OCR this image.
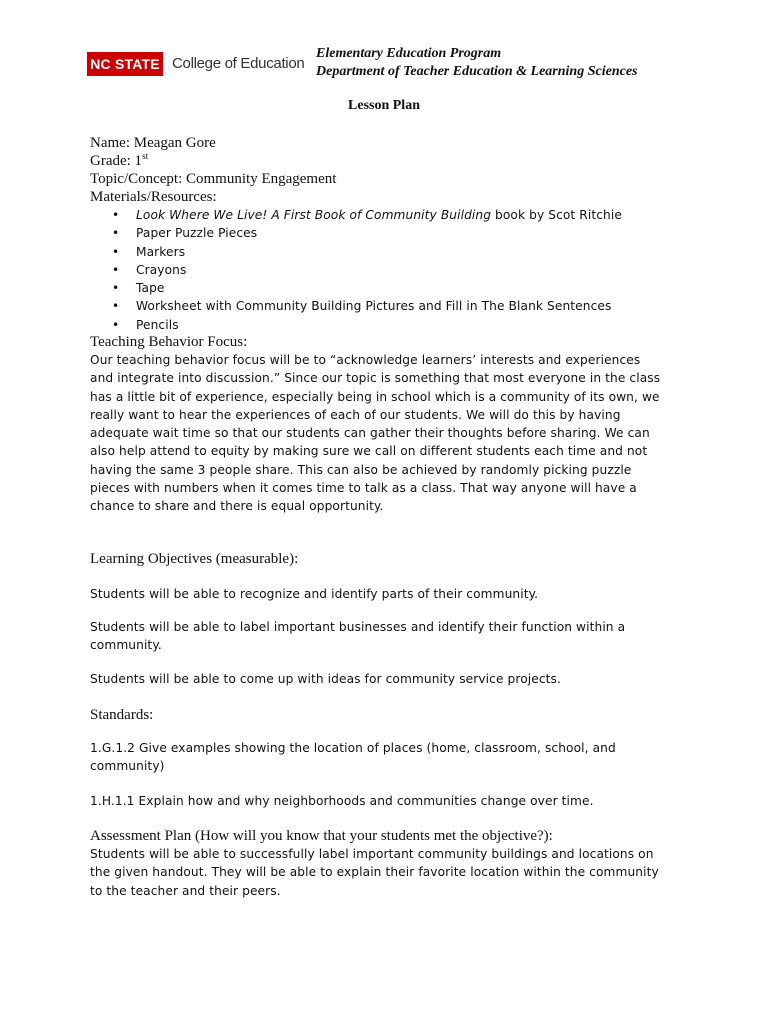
NC STATE College of Education
Elementary Education Program
Department of Teacher Education & Learning Sciences
Lesson Plan
Name: Meagan Gore
Grade: 1st
Topic/Concept: Community Engagement
Materials/Resources:
• Look Where We Live! A First Book of Community Building book by Scot Ritchie
• Paper Puzzle Pieces
• Markers
• Crayons
• Tape
• Worksheet with Community Building Pictures and Fill in The Blank Sentences
• Pencils
Teaching Behavior Focus:
Our teaching behavior focus will be to “acknowledge learners’ interests and experiences
and integrate into discussion.” Since our topic is something that most everyone in the class
has a little bit of experience, especially being in school which is a community of its own, we
really want to hear the experiences of each of our students. We will do this by having
adequate wait time so that our students can gather their thoughts before sharing. We can
also help attend to equity by making sure we call on different students each time and not
having the same 3 people share. This can also be achieved by randomly picking puzzle
pieces with numbers when it comes time to talk as a class. That way anyone will have a
chance to share and there is equal opportunity.
Learning Objectives (measurable):
Students will be able to recognize and identify parts of their community.
Students will be able to label important businesses and identify their function within a
community.
Students will be able to come up with ideas for community service projects.
Standards:
1.G.1.2 Give examples showing the location of places (home, classroom, school, and
community)
1.H.1.1 Explain how and why neighborhoods and communities change over time.
Assessment Plan (How will you know that your students met the objective?):
Students will be able to successfully label important community buildings and locations on
the given handout. They will be able to explain their favorite location within the community
to the teacher and their peers.
